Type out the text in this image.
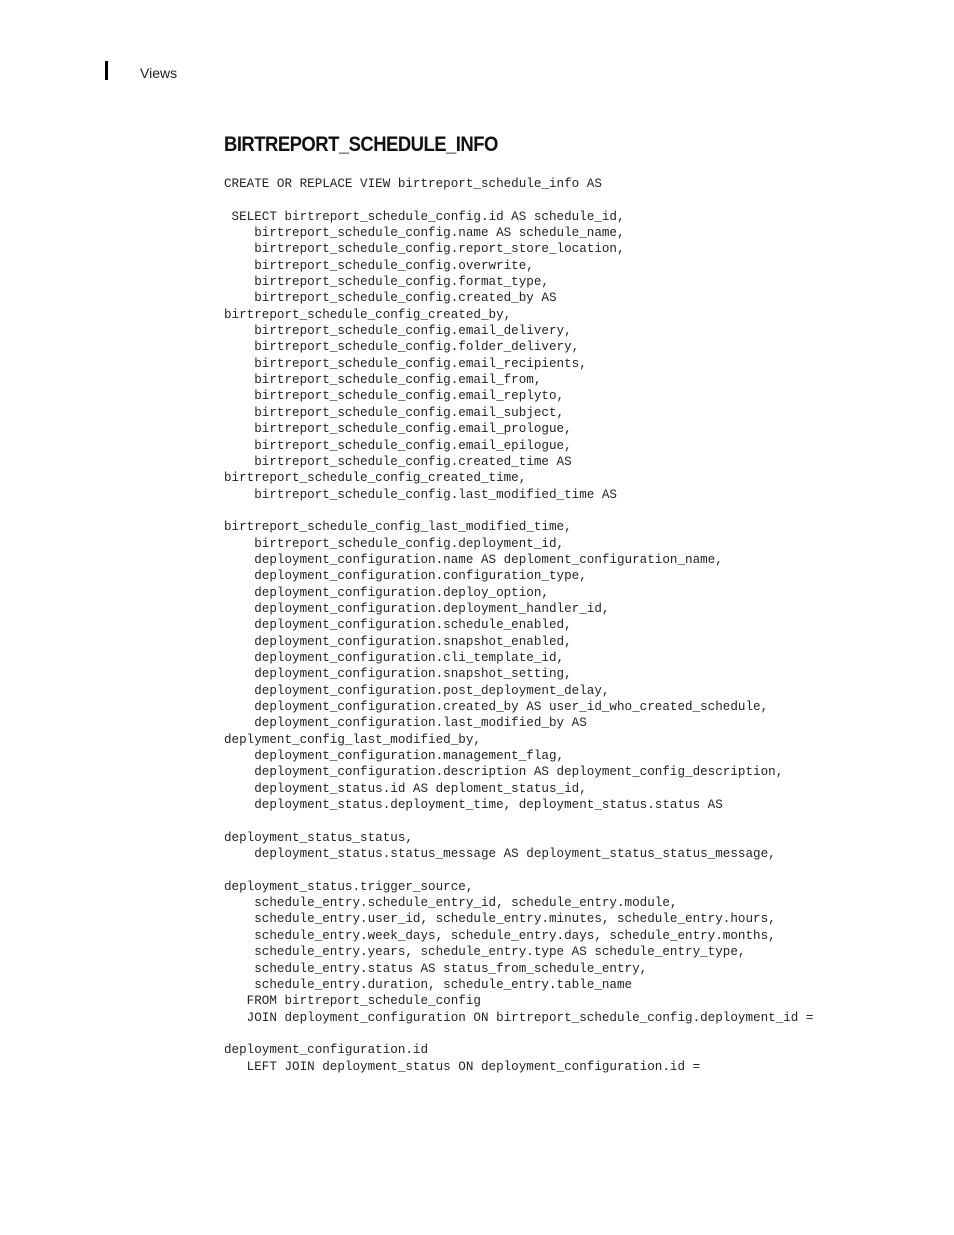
Views
BIRTREPORT_SCHEDULE_INFO
CREATE OR REPLACE VIEW birtreport_schedule_info AS

SELECT birtreport_schedule_config.id AS schedule_id,
birtreport_schedule_config.name AS schedule_name,
birtreport_schedule_config.report_store_location,
birtreport_schedule_config.overwrite,
birtreport_schedule_config.format_type,
birtreport_schedule_config.created_by AS
birtreport_schedule_config_created_by,
birtreport_schedule_config.email_delivery,
birtreport_schedule_config.folder_delivery,
birtreport_schedule_config.email_recipients,
birtreport_schedule_config.email_from,
birtreport_schedule_config.email_replyto,
birtreport_schedule_config.email_subject,
birtreport_schedule_config.email_prologue,
birtreport_schedule_config.email_epilogue,
birtreport_schedule_config.created_time AS
birtreport_schedule_config_created_time,
birtreport_schedule_config.last_modified_time AS

birtreport_schedule_config_last_modified_time,
birtreport_schedule_config.deployment_id,
deployment_configuration.name AS deploment_configuration_name,
deployment_configuration.configuration_type,
deployment_configuration.deploy_option,
deployment_configuration.deployment_handler_id,
deployment_configuration.schedule_enabled,
deployment_configuration.snapshot_enabled,
deployment_configuration.cli_template_id,
deployment_configuration.snapshot_setting,
deployment_configuration.post_deployment_delay,
deployment_configuration.created_by AS user_id_who_created_schedule,
deployment_configuration.last_modified_by AS
deplyment_config_last_modified_by,
deployment_configuration.management_flag,
deployment_configuration.description AS deployment_config_description,
deployment_status.id AS deploment_status_id,
deployment_status.deployment_time, deployment_status.status AS

deployment_status_status,
deployment_status.status_message AS deployment_status_status_message,

deployment_status.trigger_source,
schedule_entry.schedule_entry_id, schedule_entry.module,
schedule_entry.user_id, schedule_entry.minutes, schedule_entry.hours,
schedule_entry.week_days, schedule_entry.days, schedule_entry.months,
schedule_entry.years, schedule_entry.type AS schedule_entry_type,
schedule_entry.status AS status_from_schedule_entry,
schedule_entry.duration, schedule_entry.table_name
FROM birtreport_schedule_config
JOIN deployment_configuration ON birtreport_schedule_config.deployment_id =

deployment_configuration.id
LEFT JOIN deployment_status ON deployment_configuration.id =
